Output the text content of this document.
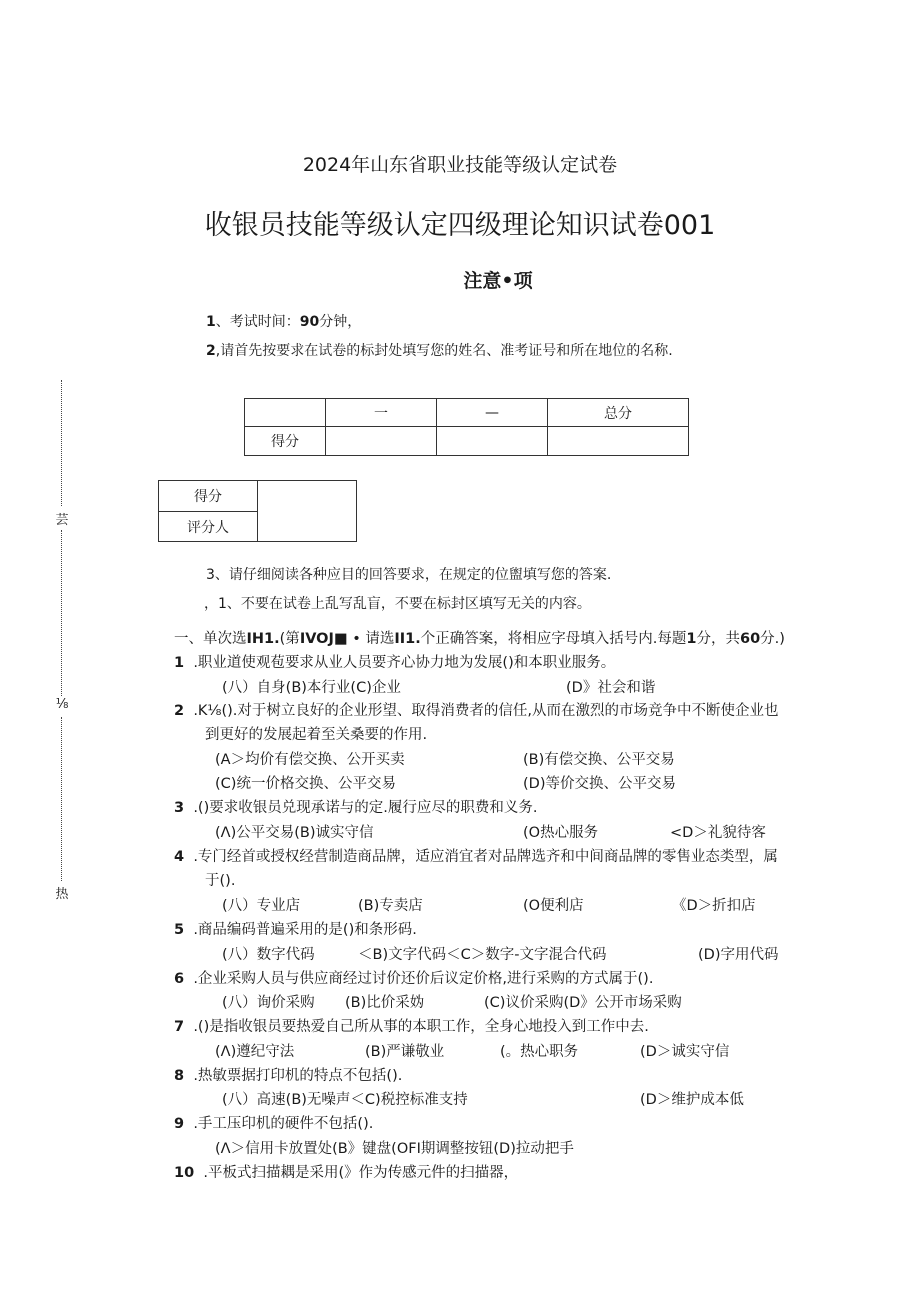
2024年山东省职业技能等级认定试卷
收银员技能等级认定四级理论知识试卷001
注意•项
1、考试时间：90分钟，
2,请首先按要求在试卷的标封处填写您的姓名、准考证号和所在地位的名称.
	一	—	总分
得分			
得分	
评分人	
芸
⅛
热
3、请仔细阅读各种应目的回答要求，在规定的位盥填写您的答案.
，1、不要在试卷上乱写乱盲，不要在标封区填写无关的内容。
一、单次选IH1.(第IVOJ■ • 请选II1.个正确答案，将相应字母填入括号内.每题1分，共60分.)
1 .职业道使观苞要求从业人员要齐心协力地为发展()和本职业服务。
(八）自身(B)本行业(C)企业	(D》社会和谐
2 .K⅛().对于树立良好的企业形望、取得消费者的信任,从而在激烈的市场竞争中不断使企业也
到更好的发展起着至关桑要的作用.
(A＞均价有偿交换、公开买卖	(B)有偿交换、公平交易
(C)统一价格交换、公平交易	(D)等价交换、公平交易
3 .()要求收银员兑现承诺与的定.履行应尽的职费和义务.
(Λ)公平交易(B)诚实守信	(O热心服务	<D＞礼貌待客
4 .专门经首或授权经营制造商品牌，适应消宜者对品牌选齐和中间商品牌的零售业态类型，属
于().
(八）专业店	(B)专卖店	(O便利店	《D＞折扣店
5 .商品编码普遍采用的是()和条形码.
(八）数字代码	＜B)文字代码＜C＞数字-文字混合代码	(D)字用代码
6 .企业采购人员与供应商经过讨价还价后议定价格,进行采购的方式属于().
(八）询价采购 (B)比价采妫	(C)议价采购(D》公开市场采购
7 .()是指收银员要热爱自己所从事的本职工作，全身心地投入到工作中去.
(Λ)遵纪守法	(B)严谦敬业	(。热心职务	(D＞诚实守信
8 .热敏票据打印机的特点不包括().
(八）高速(B)无噪声＜C)税控标准支持	(D＞维护成本低
9 .手工压印机的硬件不包括().
(Λ＞信用卡放置处(B》键盘(OFI期调整按钮(D)拉动把手
10 .平板式扫描耦是采用(》作为传感元件的扫描器，
